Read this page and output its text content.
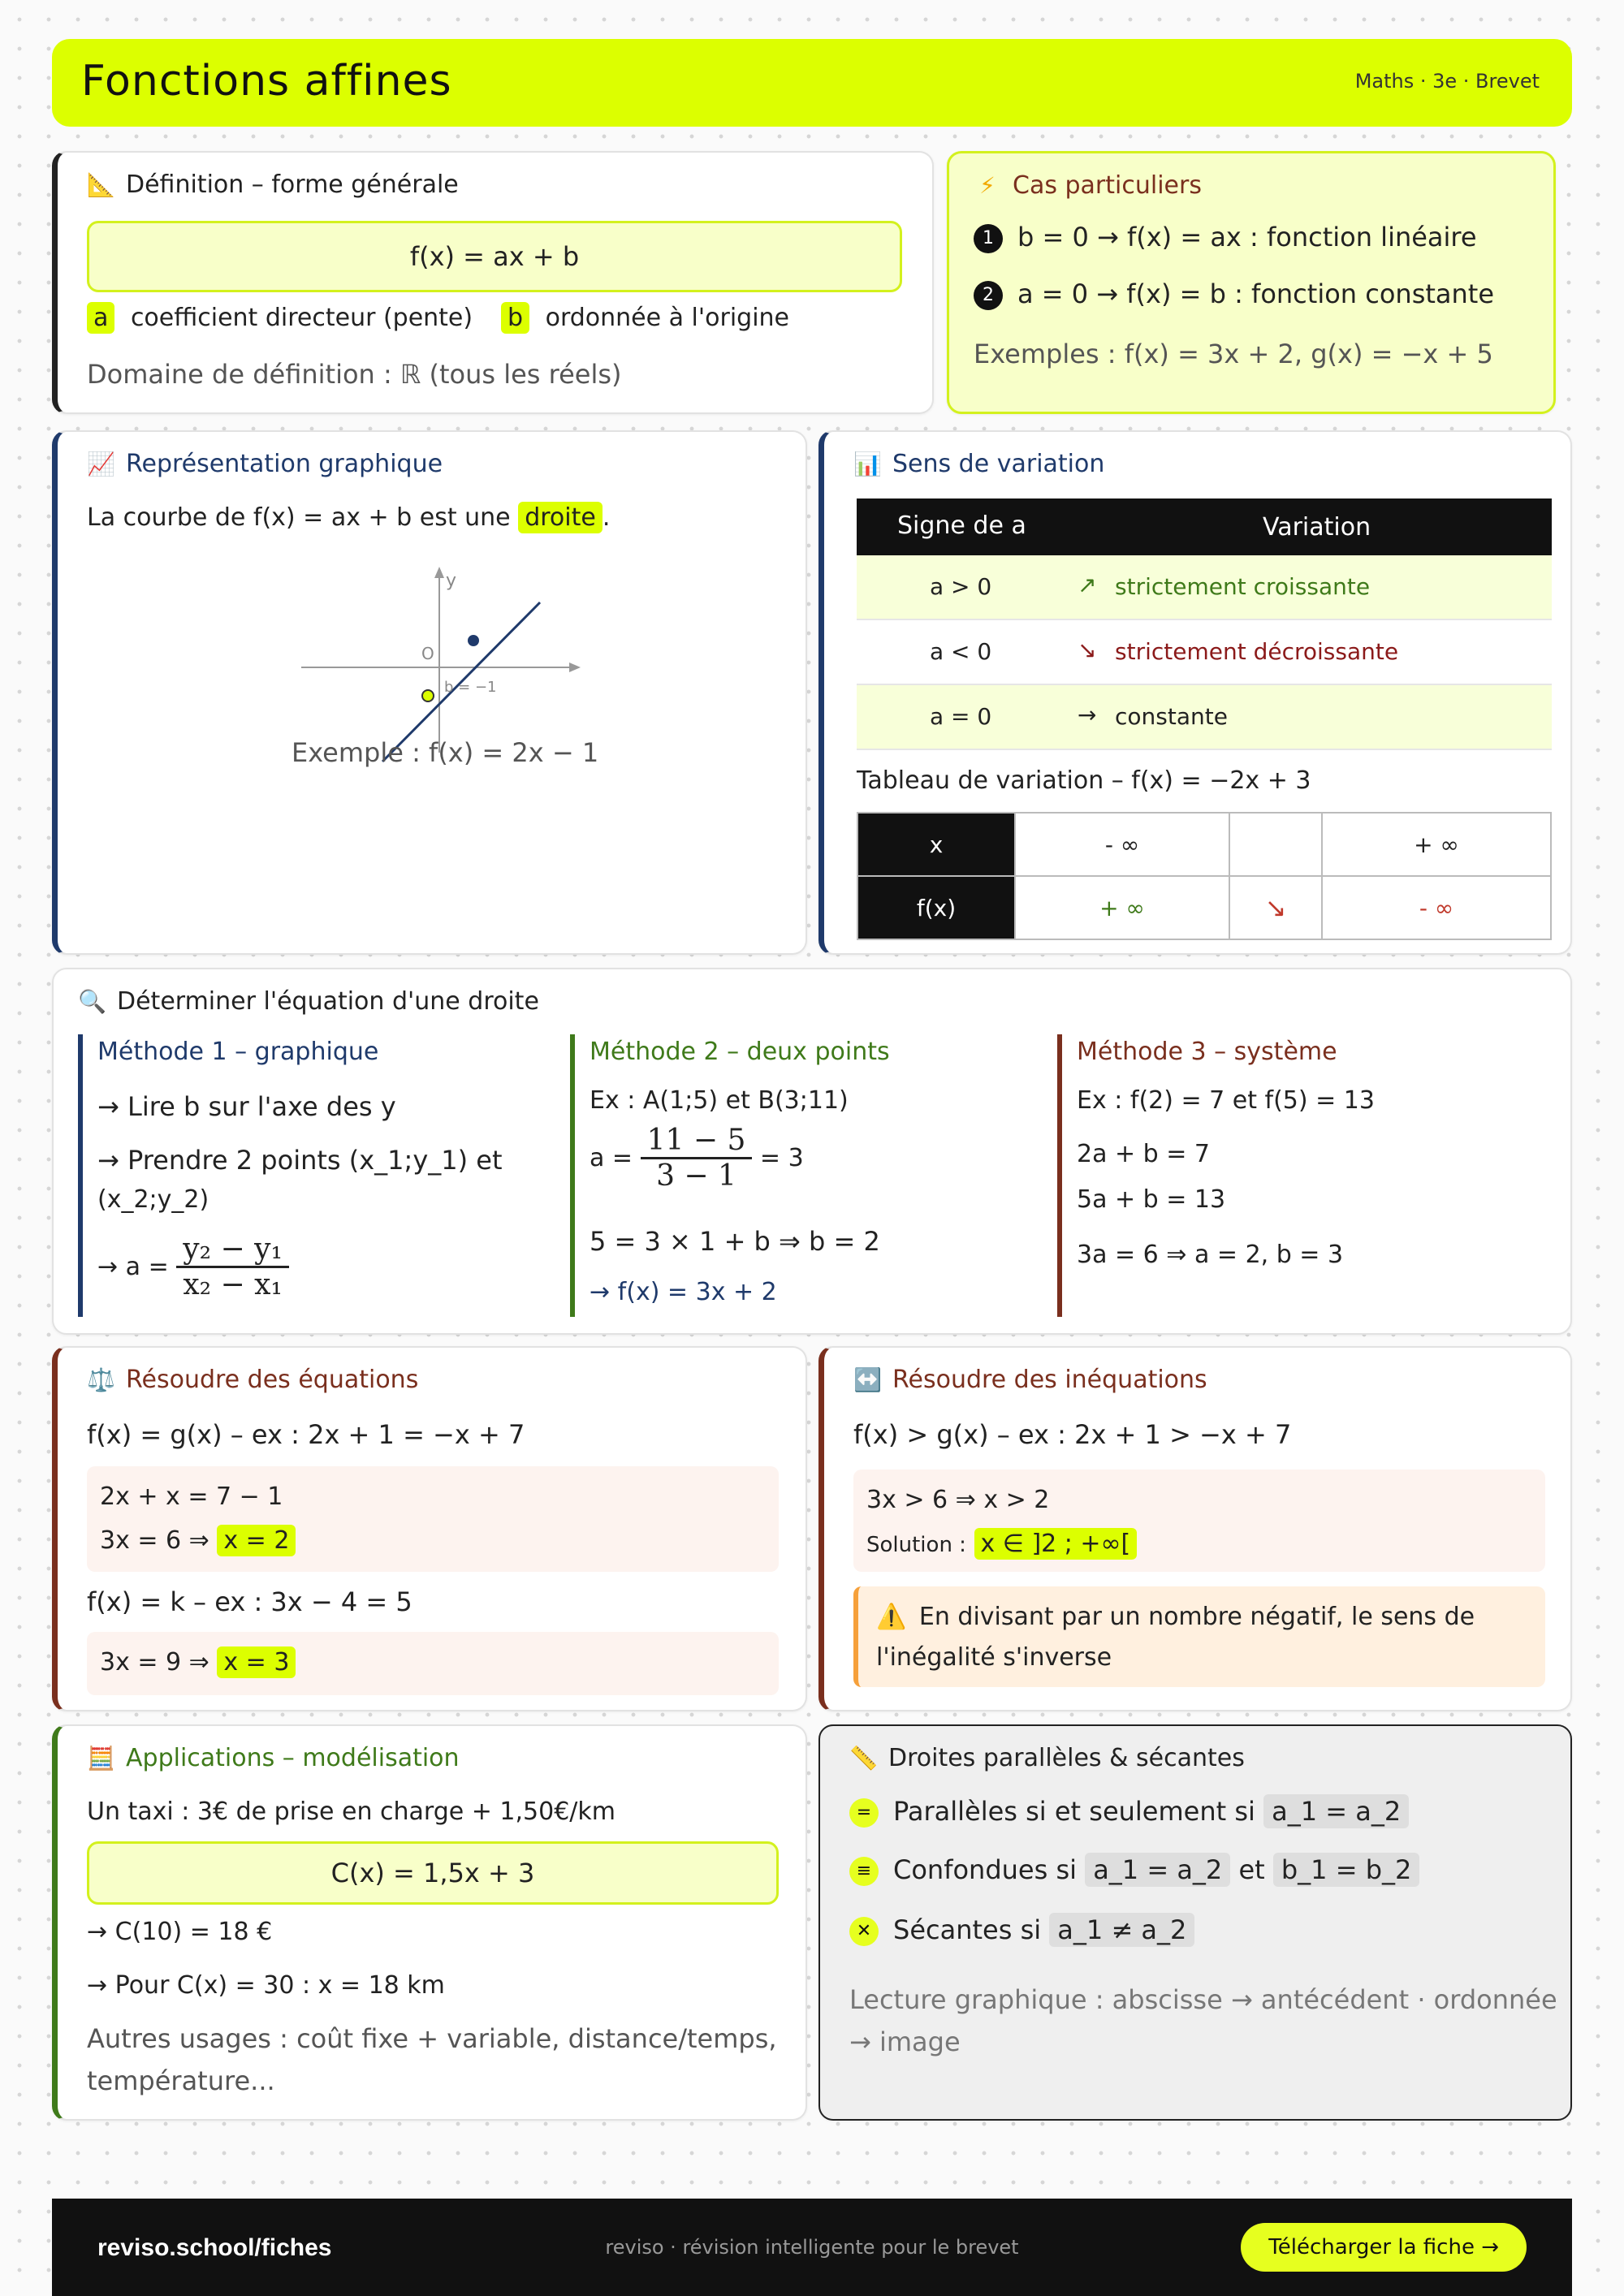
Fonctions affines	Maths · 3e · Brevet
📐 Définition – forme générale
f(x) = ax + b
a coefficient directeur (pente) b ordonnée à l'origine
Domaine de définition : ℝ (tous les réels)
⚡ Cas particuliers
1 b = 0 → f(x) = ax : fonction linéaire
2 a = 0 → f(x) = b : fonction constante
Exemples : f(x) = 3x + 2, g(x) = −x + 5
📈 Représentation graphique
La courbe de f(x) = ax + b est une droite .
y
O
b = −1
Exemple : f(x) = 2x − 1
📊 Sens de variation
Signe de a	Variation
a > 0	↗ strictement croissante
a < 0	↘ strictement décroissante
a = 0	→ constante
Tableau de variation – f(x) = −2x + 3
x	- ∞		+ ∞
f(x)	+ ∞	↘	- ∞
🔍 Déterminer l'équation d'une droite
Méthode 1 – graphique
→ Lire b sur l'axe des y
→ Prendre 2 points (x_1;y_1) et
(x_2;y_2)
→ $a = \frac{\text{y₂ − y₁}}{\text{x₂ − x₁}}$
Méthode 2 – deux points
Ex : A(1;5) et B(3;11)
$a = \frac{11 - 5}{3 - 1} = 3$
5 = 3 × 1 + b ⇒ b = 2
→ f(x) = 3x + 2
Méthode 3 – système
Ex : f(2) = 7 et f(5) = 13
2a + b = 7
5a + b = 13
3a = 6 ⇒ a = 2, b = 3
⚖️ Résoudre des équations
f(x) = g(x) – ex : 2x + 1 = −x + 7
2x + x = 7 − 1
3x = 6 ⇒ x = 2
f(x) = k – ex : 3x − 4 = 5
3x = 9 ⇒ x = 3
↔️ Résoudre des inéquations
f(x) > g(x) – ex : 2x + 1 > −x + 7
3x > 6 ⇒ x > 2
Solution : x ∈ ]2 ; +∞[
⚠️ En divisant par un nombre négatif, le sens de
l'inégalité s'inverse
🧮 Applications – modélisation
Un taxi : 3€ de prise en charge + 1,50€/km
C(x) = 1,5x + 3
→ C(10) = 18 €
→ Pour C(x) = 30 : x = 18 km
Autres usages : coût fixe + variable, distance/temps,
température...
📏 Droites parallèles & sécantes
= Parallèles si et seulement si a_1 = a_2
≡ Confondues si a_1 = a_2 et b_1 = b_2
✕ Sécantes si a_1 ≠ a_2
Lecture graphique : abscisse → antécédent · ordonnée
→ image
reviso.school/fiches	reviso · révision intelligente pour le brevet	Télécharger la fiche →
